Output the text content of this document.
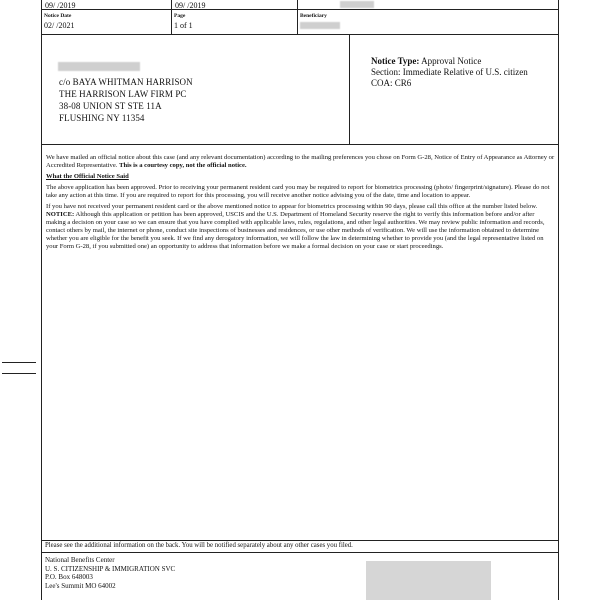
09/ /2019	09/ /2019
Notice Date
02/ /2021
Page
1 of 1
Beneficiary
c/o BAYA WHITMAN HARRISON
THE HARRISON LAW FIRM PC
38-08 UNION ST STE 11A
FLUSHING NY 11354
Notice Type: Approval Notice
Section: Immediate Relative of U.S. citizen
COA: CR6

We have mailed an official notice about this case (and any relevant documentation) according to the mailing preferences you chose on Form G-28, Notice of Entry of Appearance as Attorney or Accredited Representative. This is a courtesy copy, not the official notice.

What the Official Notice Said

The above application has been approved. Prior to receiving your permanent resident card you may be required to report for biometrics processing (photo/ fingerprint/signature). Please do not take any action at this time. If you are required to report for this processing, you will receive another notice advising you of the date, time and location to appear.

If you have not received your permanent resident card or the above mentioned notice to appear for biometrics processing within 90 days, please call this office at the number listed below.

NOTICE: Although this application or petition has been approved, USCIS and the U.S. Department of Homeland Security reserve the right to verify this information before and/or after making a decision on your case so we can ensure that you have complied with applicable laws, rules, regulations, and other legal authorities. We may review public information and records, contact others by mail, the internet or phone, conduct site inspections of businesses and residences, or use other methods of verification. We will use the information obtained to determine whether you are eligible for the benefit you seek. If we find any derogatory information, we will follow the law in determining whether to provide you (and the legal representative listed on your Form G-28, if you submitted one) an opportunity to address that information before we make a formal decision on your case or start proceedings.

Please see the additional information on the back. You will be notified separately about any other cases you filed.
National Benefits Center
U. S. CITIZENSHIP & IMMIGRATION SVC
P.O. Box 648003
Lee's Summit MO 64002
